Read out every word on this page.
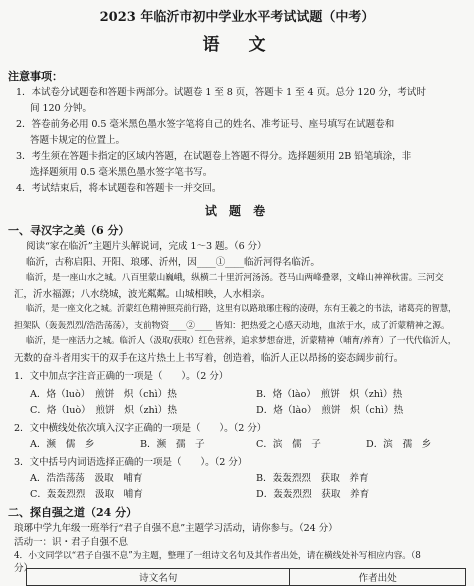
2023 年临沂市初中学业水平考试试题（中考）
语　文
注意事项：
1．本试卷分试题卷和答题卡两部分。试题卷 1 至 8 页，答题卡 1 至 4 页。总分 120 分，考试时
间 120 分钟。
2．答卷前务必用 0.5 毫米黑色墨水签字笔将自己的姓名、准考证号、座号填写在试题卷和
答题卡规定的位置上。
3．考生须在答题卡指定的区域内答题，在试题卷上答题不得分。选择题须用 2B 铅笔填涂，非
选择题须用 0.5 毫米黑色墨水签字笔书写。
4．考试结束后，将本试题卷和答题卡一并交回。
试 题 卷
一、寻汉字之美（6 分）
阅读“家在临沂”主题片头解说词，完成 1～3 题。（6 分）
临沂，古称启阳、开阳、琅琊、沂州，因____①____临沂河得名临沂。
临沂，是一座山水之城。八百里蒙山巍峨，纵横二十里沂河汤汤。苍马山两峰叠翠，文峰山神禅秋雷。三河交
汇，沂水福源；八水绕城，波光粼粼。山城相映，人水相亲。
临沂，是一座文化之城。沂蒙红色精神照亮前行路，这里有以路琅琊庄稼的凌碍，东有王羲之的书法，诸葛亮的智慧，
担架队（轰轰烈烈/浩浩荡荡），支前物资____②____ 皆知：把热爱之心感天动地，血浓于水，成了沂蒙精神之源。
临沂，是一座活力之城。临沂人（汲取/获取）红色营养，追求梦想奋进，沂蒙精神（哺育/养育）了一代代临沂人，
无数的奋斗者用实干的双手在这片热土上书写着，创造着，临沂人正以昂扬的姿态阔步前行。
1．文中加点字注音正确的一项是（　　）。（2 分）
A．烙（luò）　煎饼　炽（chì）热	B．烙（lào）　煎饼　炽（zhì）热
C．烙（luò）　煎饼　炽（zhì）热	D．烙（lào）　煎饼　炽（chì）热
2．文中横线处依次填入汉字正确的一项是（　　）。（2 分）
A．濒　儒　乡	B．濒　孺　子	C．滨　儒　子	D．滨　孺　乡
3．文中括号内词语选择正确的一项是（　　）。（2 分）
A．浩浩荡荡　汲取　哺育	B．轰轰烈烈　获取　养育
C．轰轰烈烈　汲取　哺育	D．轰轰烈烈　获取　养育
二、探自强之道（24 分）
琅琊中学九年级一班举行“君子自强不息”主题学习活动，请你参与。（24 分）
活动一：识・君子自强不息
4．小文同学以“君子自强不息”为主题，整理了一组诗文名句及其作者出处，请在横线处补写相应内容。（8
分）
诗文名句	作者出处
